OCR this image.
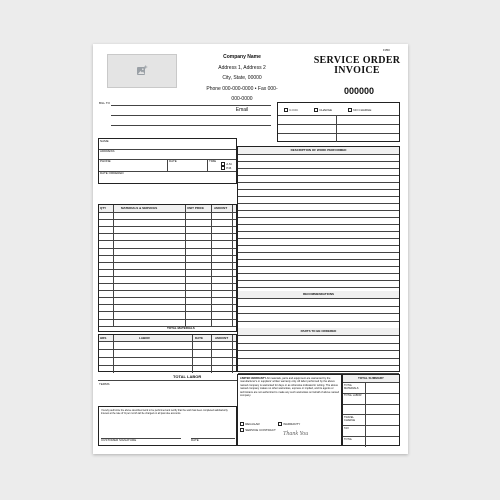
F350
Company Name
Address 1, Address 2
City, State, 00000
Phone 000-000-0000 • Fax 000-000-0000
Email
SERVICE ORDER
INVOICE
000000
BILL TO
C.O.D.	CHARGE	NO CHARGE
NAME
ADDRESS
PHONE	DATE	TIME
A.M.
P.M.
DATE ORDERED
QTY	MATERIALS & SERVICES	UNIT PRICE	AMOUNT
TOTAL MATERIALS
HRS	LABOR	DATE	AMOUNT
TOTAL LABOR
TERMS
I hereby authorize the above described work to be performed and certify that the work has been completed satisfactorily. Interest at the rate of % per month will be charged on all past due accounts.
CUSTOMER SIGNATURE	DATE
DESCRIPTION OF WORK PERFORMED
RECOMMENDATIONS
PARTS TO BE ORDERED
LIMITED WARRANTY All materials, parts and equipment are warranted by the manufacturer's or suppliers' written warranty only. All labor performed by the above named company is warranted for days or as otherwise indicated in writing. The above named company makes no other warranties, express or implied, and its agents or technicians are not authorized to make any such warranties on behalf of above named company.
REGULAR	WARRANTY
SERVICE CONTRACT
Thank You
TOTAL SUMMARY
TOTAL MATERIALS
TOTAL LABOR
TRAVEL CHARGE
TAX
TOTAL
